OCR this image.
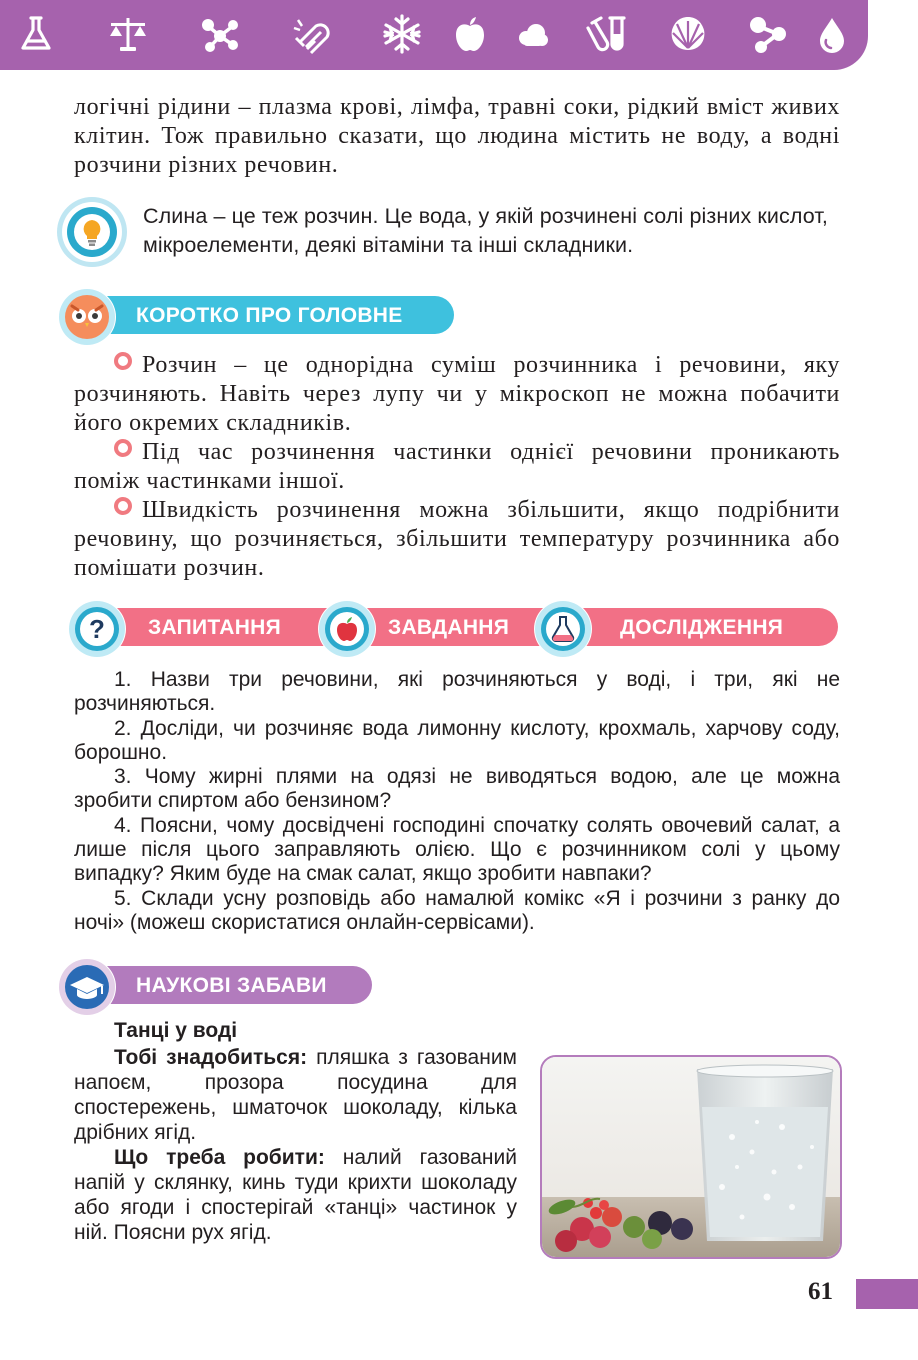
логічні рідини – плазма крові, лімфа, травні соки, рідкий вміст живих клітин. Тож правильно сказати, що людина містить не воду, а водні розчини різних речовин.

Слина – це теж розчин. Це вода, у якій розчинені солі різних кислот, мікроелементи, деякі вітаміни та інші складники.
КОРОТКО ПРО ГОЛОВНЕ

Розчин – це однорідна суміш розчинника і речовини, яку розчиняють. Навіть через лупу чи у мікроскоп не можна побачити його окремих складників.

Під час розчинення частинки однієї речовини проникають поміж частинками іншої.

Швидкість розчинення можна збільшити, якщо подрібнити речовину, що розчиняється, збільшити температуру розчинника або помішати розчин.

? ЗАПИТАННЯ	ЗАВДАННЯ	ДОСЛІДЖЕННЯ

1. Назви три речовини, які розчиняються у воді, і три, які не розчиняються.

2. Досліди, чи розчиняє вода лимонну кислоту, крохмаль, харчову соду, борошно.

3. Чому жирні плями на одязі не виводяться водою, але це можна зробити спиртом або бензином?

4. Поясни, чому досвідчені господині спочатку солять овочевий салат, а лише після цього заправляють олією. Що є розчинником солі у цьому випадку? Яким буде на смак салат, якщо зробити навпаки?

5. Склади усну розповідь або намалюй комікс «Я і розчини з ранку до ночі» (можеш скористатися онлайн-сервісами).

НАУКОВІ ЗАБАВИ
Танці у воді

Тобі знадобиться: пляшка з газованим напоєм, прозора посудина для спостережень, шматочок шоколаду, кілька дрібних ягід.

Що треба робити: налий газований напій у склянку, кинь туди крихти шоколаду або ягоди і спостерігай «танці» частинок у ній. Поясни рух ягід.

61
